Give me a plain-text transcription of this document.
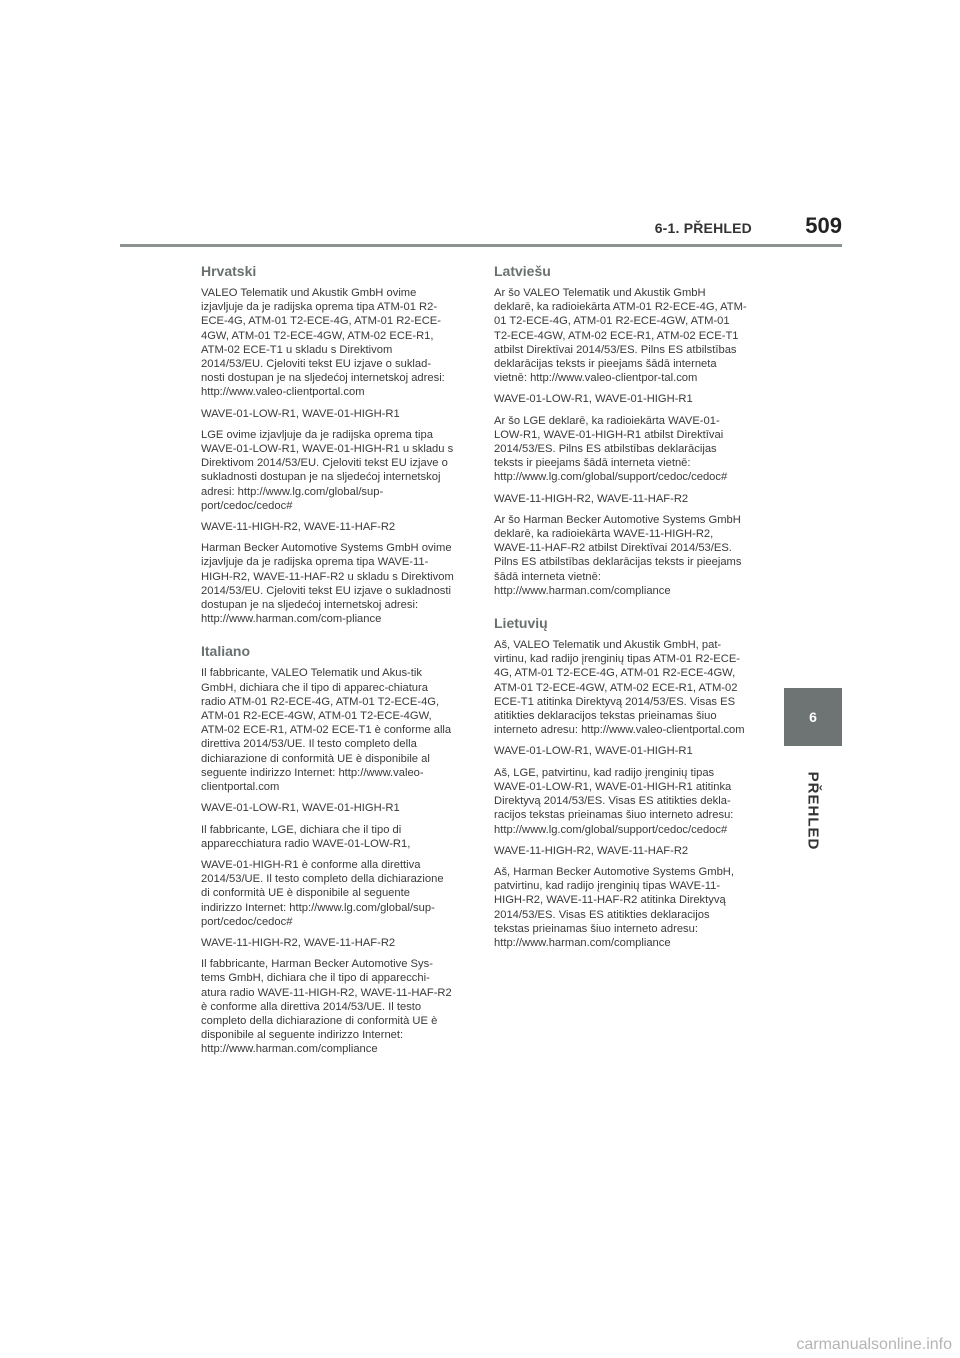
6-1. PŘEHLED 509
6
PŘEHLED
Hrvatski

VALEO Telematik und Akustik GmbH ovime izjavljuje da je radijska oprema tipa ATM-01 R2-ECE-4G, ATM-01 T2-ECE-4G, ATM-01 R2-ECE-4GW, ATM-01 T2-ECE-4GW, ATM-02 ECE-R1, ATM-02 ECE-T1 u skladu s Direktivom 2014/53/EU. Cjeloviti tekst EU izjave o suklad-nosti dostupan je na sljedećoj internetskoj adresi: http://www.valeo-clientportal.com

WAVE-01-LOW-R1, WAVE-01-HIGH-R1

LGE ovime izjavljuje da je radijska oprema tipa WAVE-01-LOW-R1, WAVE-01-HIGH-R1 u skladu s Direktivom 2014/53/EU. Cjeloviti tekst EU izjave o sukladnosti dostupan je na sljedećoj internetskoj adresi: http://www.lg.com/global/sup-port/cedoc/cedoc#

WAVE-11-HIGH-R2, WAVE-11-HAF-R2

Harman Becker Automotive Systems GmbH ovime izjavljuje da je radijska oprema tipa WAVE-11-HIGH-R2, WAVE-11-HAF-R2 u skladu s Direktivom 2014/53/EU. Cjeloviti tekst EU izjave o sukladnosti dostupan je na sljedećoj internetskoj adresi: http://www.harman.com/com-pliance

Italiano

Il fabbricante, VALEO Telematik und Akus-tik GmbH, dichiara che il tipo di apparec-chiatura radio ATM-01 R2-ECE-4G, ATM-01 T2-ECE-4G, ATM-01 R2-ECE-4GW, ATM-01 T2-ECE-4GW, ATM-02 ECE-R1, ATM-02 ECE-T1 è conforme alla direttiva 2014/53/UE. Il testo completo della dichiarazione di conformità UE è disponibile al seguente indirizzo Internet: http://www.valeo-clientportal.com

WAVE-01-LOW-R1, WAVE-01-HIGH-R1

Il fabbricante, LGE, dichiara che il tipo di apparecchiatura radio WAVE-01-LOW-R1,

WAVE-01-HIGH-R1 è conforme alla direttiva 2014/53/UE. Il testo completo della dichiarazione di conformità UE è disponibile al seguente indirizzo Internet: http://www.lg.com/global/sup-port/cedoc/cedoc#

WAVE-11-HIGH-R2, WAVE-11-HAF-R2

Il fabbricante, Harman Becker Automotive Sys-tems GmbH, dichiara che il tipo di apparecchi-atura radio WAVE-11-HIGH-R2, WAVE-11-HAF-R2 è conforme alla direttiva 2014/53/UE. Il testo completo della dichiarazione di conformità UE è disponibile al seguente indirizzo Internet: http://www.harman.com/compliance

Latviešu

Ar šo VALEO Telematik und Akustik GmbH deklarē, ka radioiekārta ATM-01 R2-ECE-4G, ATM-01 T2-ECE-4G, ATM-01 R2-ECE-4GW, ATM-01 T2-ECE-4GW, ATM-02 ECE-R1, ATM-02 ECE-T1 atbilst Direktīvai 2014/53/ES. Pilns ES atbilstības deklarācijas teksts ir pieejams šādā interneta vietnē: http://www.valeo-clientpor-tal.com

WAVE-01-LOW-R1, WAVE-01-HIGH-R1

Ar šo LGE deklarē, ka radioiekārta WAVE-01-LOW-R1, WAVE-01-HIGH-R1 atbilst Direktīvai 2014/53/ES. Pilns ES atbilstības deklarācijas teksts ir pieejams šādā interneta vietnē: http://www.lg.com/global/support/cedoc/cedoc#

WAVE-11-HIGH-R2, WAVE-11-HAF-R2

Ar šo Harman Becker Automotive Systems GmbH deklarē, ka radioiekārta WAVE-11-HIGH-R2, WAVE-11-HAF-R2 atbilst Direktīvai 2014/53/ES. Pilns ES atbilstības deklarācijas teksts ir pieejams šādā interneta vietnē: http://www.harman.com/compliance

Lietuvių

Aš, VALEO Telematik und Akustik GmbH, pat-virtinu, kad radijo įrenginių tipas ATM-01 R2-ECE-4G, ATM-01 T2-ECE-4G, ATM-01 R2-ECE-4GW, ATM-01 T2-ECE-4GW, ATM-02 ECE-R1, ATM-02 ECE-T1 atitinka Direktyvą 2014/53/ES. Visas ES atitikties deklaracijos tekstas prieinamas šiuo interneto adresu: http://www.valeo-clientportal.com

WAVE-01-LOW-R1, WAVE-01-HIGH-R1

Aš, LGE, patvirtinu, kad radijo įrenginių tipas WAVE-01-LOW-R1, WAVE-01-HIGH-R1 atitinka Direktyvą 2014/53/ES. Visas ES atitikties dekla-racijos tekstas prieinamas šiuo interneto adresu: http://www.lg.com/global/support/cedoc/cedoc#

WAVE-11-HIGH-R2, WAVE-11-HAF-R2

Aš, Harman Becker Automotive Systems GmbH, patvirtinu, kad radijo įrenginių tipas WAVE-11-HIGH-R2, WAVE-11-HAF-R2 atitinka Direktyvą 2014/53/ES. Visas ES atitikties deklaracijos tekstas prieinamas šiuo interneto adresu: http://www.harman.com/compliance

carmanualsonline.info
